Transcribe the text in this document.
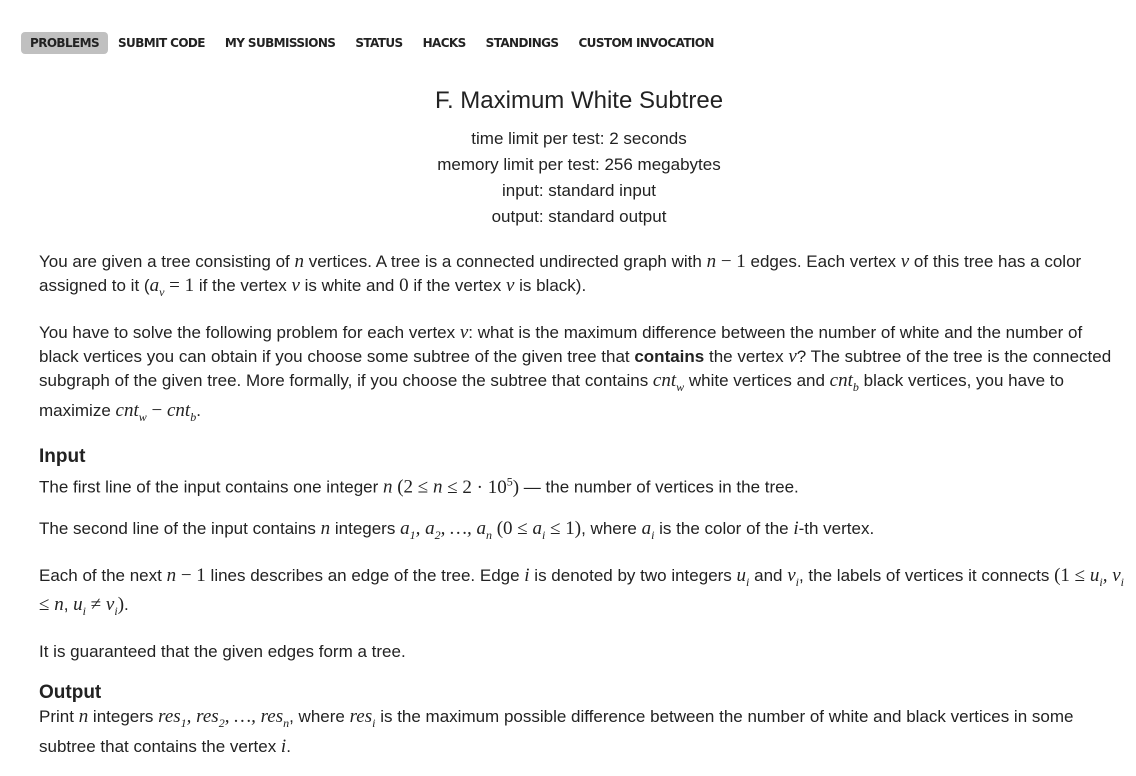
PROBLEMS	SUBMIT CODE	MY SUBMISSIONS	STATUS	HACKS	STANDINGS	CUSTOM INVOCATION
F. Maximum White Subtree
time limit per test: 2 seconds
memory limit per test: 256 megabytes
input: standard input
output: standard output

You are given a tree consisting of n vertices. A tree is a connected undirected graph with n − 1 edges. Each vertex v of this tree has a color assigned to it ($a_v = 1$ if the vertex v is white and 0 if the vertex v is black).

You have to solve the following problem for each vertex v: what is the maximum difference between the number of white and the number of black vertices you can obtain if you choose some subtree of the given tree that contains the vertex v? The subtree of the tree is the connected subgraph of the given tree. More formally, if you choose the subtree that contains cnt$_w$ white vertices and cnt$_b$ black vertices, you have to maximize cnt$_w$ − cnt$_b$.

Input

The first line of the input contains one integer n $(2 \le n \le 2 \cdot 10^5)$ — the number of vertices in the tree.

The second line of the input contains n integers $a_1$, $a_2$, …, $a_n$ $(0 \le a_i \le 1)$, where $a_i$ is the color of the i-th vertex.

Each of the next n − 1 lines describes an edge of the tree. Edge i is denoted by two integers $u_i$ and $v_i$, the labels of vertices it connects ($1 \le u_i$, $v_i \le n$, $u_i \ne v_i$).

It is guaranteed that the given edges form a tree.

Output

Print n integers res$_1$, res$_2$, …, res$_n$, where res$_i$ is the maximum possible difference between the number of white and black vertices in some subtree that contains the vertex i.
